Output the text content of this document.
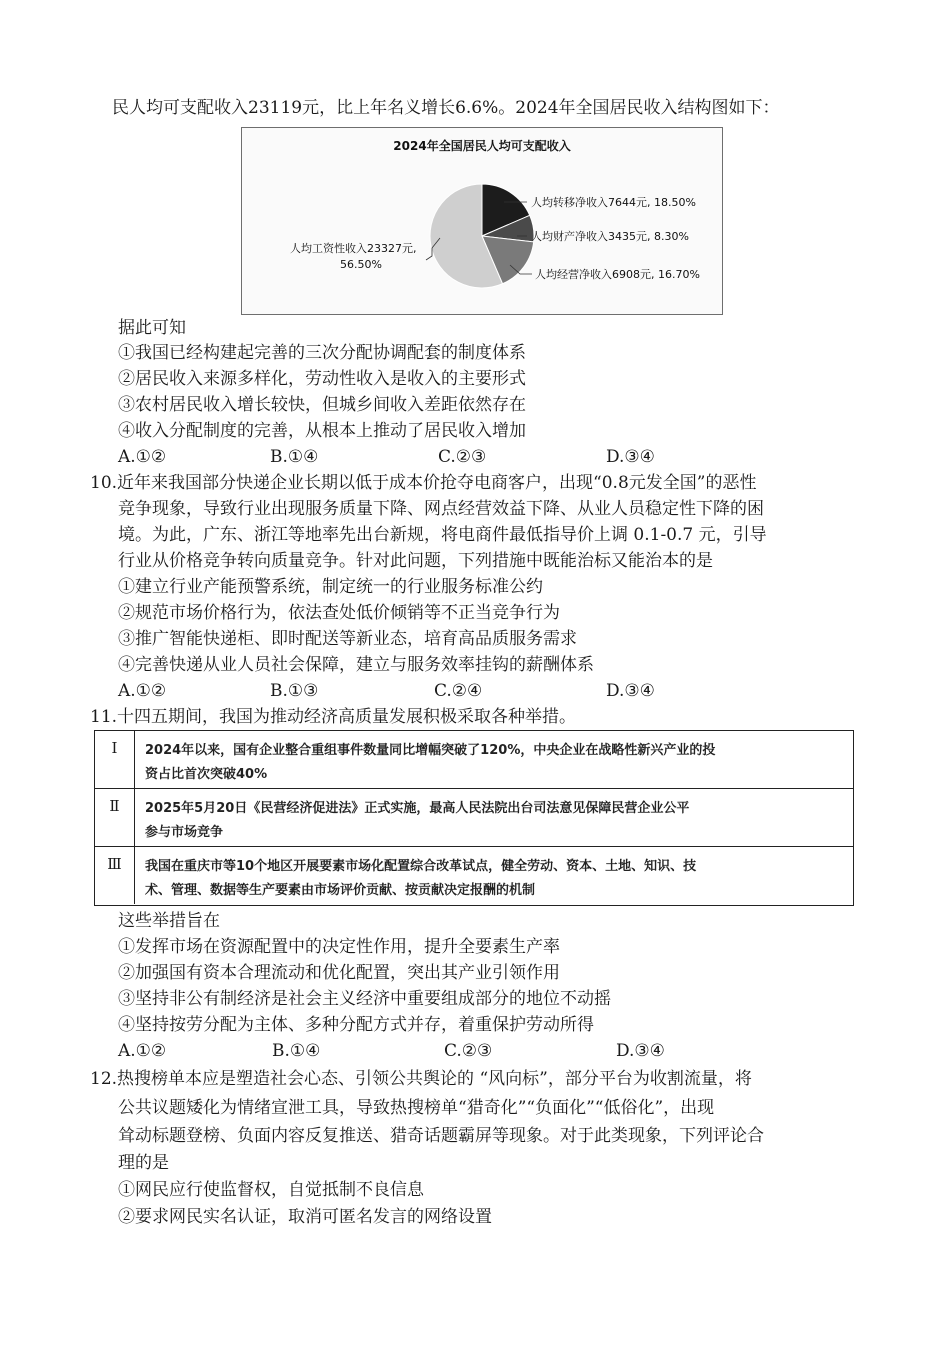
民人均可支配收入23119元，比上年名义增长6.6%。2024年全国居民收入结构图如下：
2024年全国居民人均可支配收入
人均转移净收入7644元, 18.50%
人均财产净收入3435元, 8.30%
人均经营净收入6908元, 16.70%
人均工资性收入23327元,
56.50%
据此可知
①我国已经构建起完善的三次分配协调配套的制度体系
②居民收入来源多样化，劳动性收入是收入的主要形式
③农村居民收入增长较快，但城乡间收入差距依然存在
④收入分配制度的完善，从根本上推动了居民收入增加
A.①②	B.①④	C.②③	D.③④
10.近年来我国部分快递企业长期以低于成本价抢夺电商客户，出现“0.8元发全国”的恶性
竞争现象，导致行业出现服务质量下降、网点经营效益下降、从业人员稳定性下降的困
境。为此，广东、浙江等地率先出台新规，将电商件最低指导价上调 0.1-0.7 元，引导
行业从价格竞争转向质量竞争。针对此问题，下列措施中既能治标又能治本的是
①建立行业产能预警系统，制定统一的行业服务标准公约
②规范市场价格行为，依法查处低价倾销等不正当竞争行为
③推广智能快递柜、即时配送等新业态，培育高品质服务需求
④完善快递从业人员社会保障，建立与服务效率挂钩的薪酬体系
A.①②	B.①③	C.②④	D.③④
11.十四五期间，我国为推动经济高质量发展积极采取各种举措。
Ⅰ	2024年以来，国有企业整合重组事件数量同比增幅突破了120%，中央企业在战略性新兴产业的投
资占比首次突破40%
Ⅱ	2025年5月20日《民营经济促进法》正式实施，最高人民法院出台司法意见保障民营企业公平
参与市场竞争
Ⅲ	我国在重庆市等10个地区开展要素市场化配置综合改革试点，健全劳动、资本、土地、知识、技
术、管理、数据等生产要素由市场评价贡献、按贡献决定报酬的机制
这些举措旨在
①发挥市场在资源配置中的决定性作用，提升全要素生产率
②加强国有资本合理流动和优化配置，突出其产业引领作用
③坚持非公有制经济是社会主义经济中重要组成部分的地位不动摇
④坚持按劳分配为主体、多种分配方式并存，着重保护劳动所得
A.①②	B.①④	C.②③	D.③④
12.热搜榜单本应是塑造社会心态、引领公共舆论的 “风向标”，部分平台为收割流量，将
公共议题矮化为情绪宣泄工具，导致热搜榜单“猎奇化”“负面化”“低俗化”，出现
耸动标题登榜、负面内容反复推送、猎奇话题霸屏等现象。对于此类现象，下列评论合
理的是
①网民应行使监督权，自觉抵制不良信息
②要求网民实名认证，取消可匿名发言的网络设置
